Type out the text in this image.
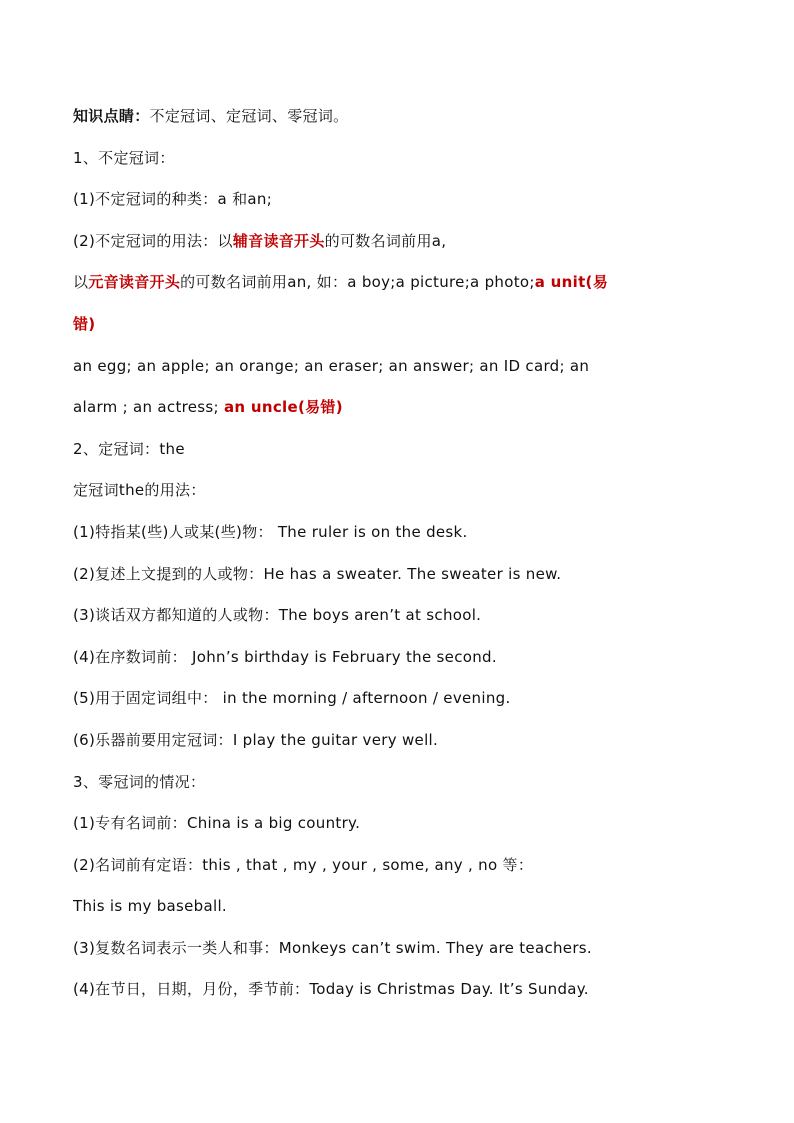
知识点睛：不定冠词、定冠词、零冠词。
1、不定冠词：
(1)不定冠词的种类：a 和an;
(2)不定冠词的用法：以辅音读音开头的可数名词前用a,
以元音读音开头的可数名词前用an, 如：a boy;a picture;a photo;a unit(易
错)
an egg; an apple; an orange; an eraser; an answer; an ID card; an
alarm ; an actress; an uncle(易错)
2、定冠词：the
定冠词the的用法：
(1)特指某(些)人或某(些)物： The ruler is on the desk.
(2)复述上文提到的人或物：He has a sweater. The sweater is new.
(3)谈话双方都知道的人或物：The boys aren’t at school.
(4)在序数词前： John’s birthday is February the second.
(5)用于固定词组中： in the morning / afternoon / evening.
(6)乐器前要用定冠词：I play the guitar very well.
3、零冠词的情况：
(1)专有名词前：China is a big country.
(2)名词前有定语：this , that , my , your , some, any , no 等：
This is my baseball.
(3)复数名词表示一类人和事：Monkeys can’t swim. They are teachers.
(4)在节日，日期，月份，季节前：Today is Christmas Day. It’s Sunday.
